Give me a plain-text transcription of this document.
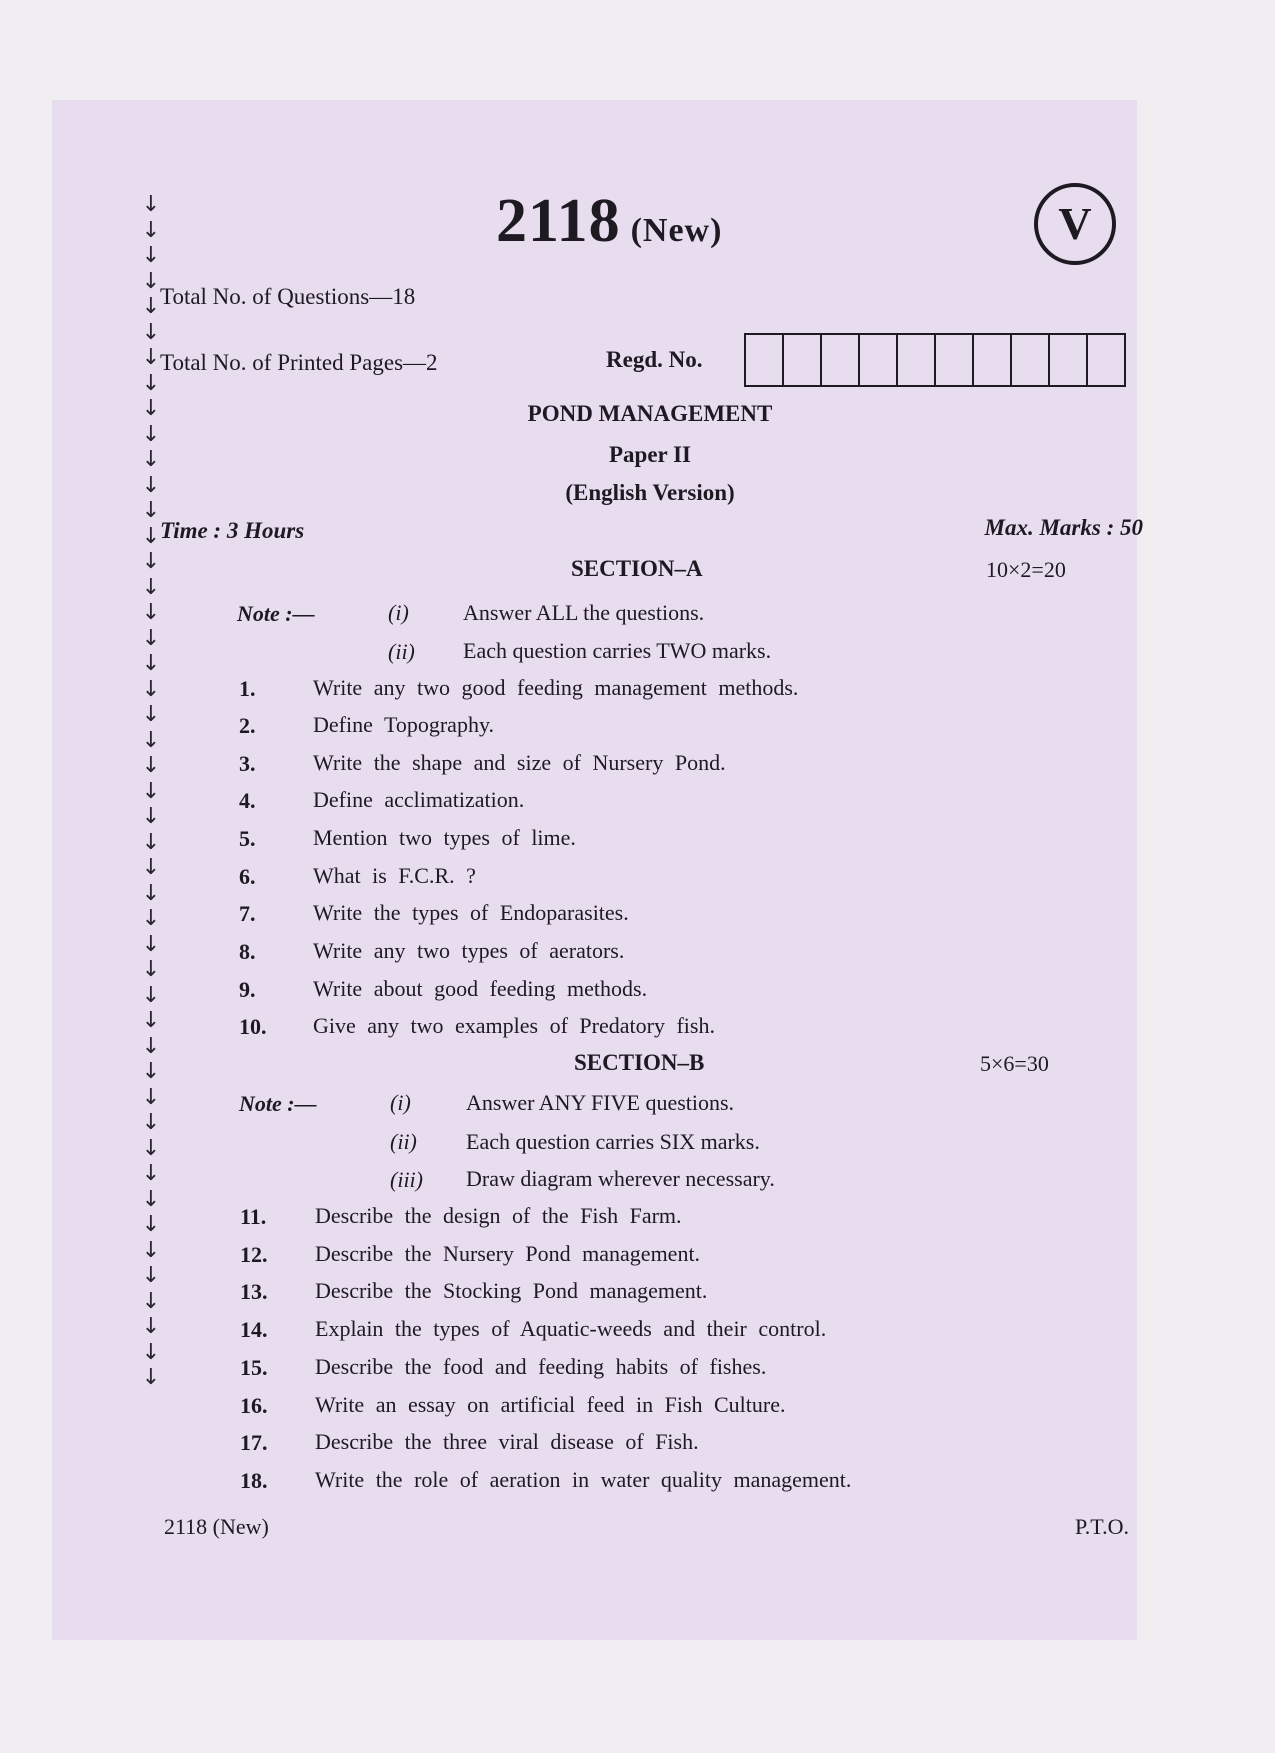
↓
↓
↓
↓
↓
↓
↓
↓
↓
↓
↓
↓
↓
↓
↓
↓
↓
↓
↓
↓
↓
↓
↓
↓
↓
↓
↓
↓
↓
↓
↓
↓
↓
↓
↓
↓
↓
↓
↓
↓
↓
↓
↓
↓
↓
↓
↓
2118 (New)	V
Total No. of Questions—18
Total No. of Printed Pages—2	Regd. No.
POND MANAGEMENT
Paper II
(English Version)
Time : 3 Hours	Max. Marks : 50
SECTION–A	10×2=20
Note :—	(i) Answer ALL the questions.
(ii) Each question carries TWO marks.
1.	Write any two good feeding management methods.
2.	Define Topography.
3.	Write the shape and size of Nursery Pond.
4.	Define acclimatization.
5.	Mention two types of lime.
6.	What is F.C.R. ?
7.	Write the types of Endoparasites.
8.	Write any two types of aerators.
9.	Write about good feeding methods.
10. Give any two examples of Predatory fish.
SECTION–B	5×6=30
Note :—	(i)	Answer ANY FIVE questions.
(ii) Each question carries SIX marks.
(iii) Draw diagram wherever necessary.
11. Describe the design of the Fish Farm.
12. Describe the Nursery Pond management.
13. Describe the Stocking Pond management.
14. Explain the types of Aquatic-weeds and their control.
15. Describe the food and feeding habits of fishes.
16. Write an essay on artificial feed in Fish Culture.
17. Describe the three viral disease of Fish.
18. Write the role of aeration in water quality management.
2118 (New)	P.T.O.
